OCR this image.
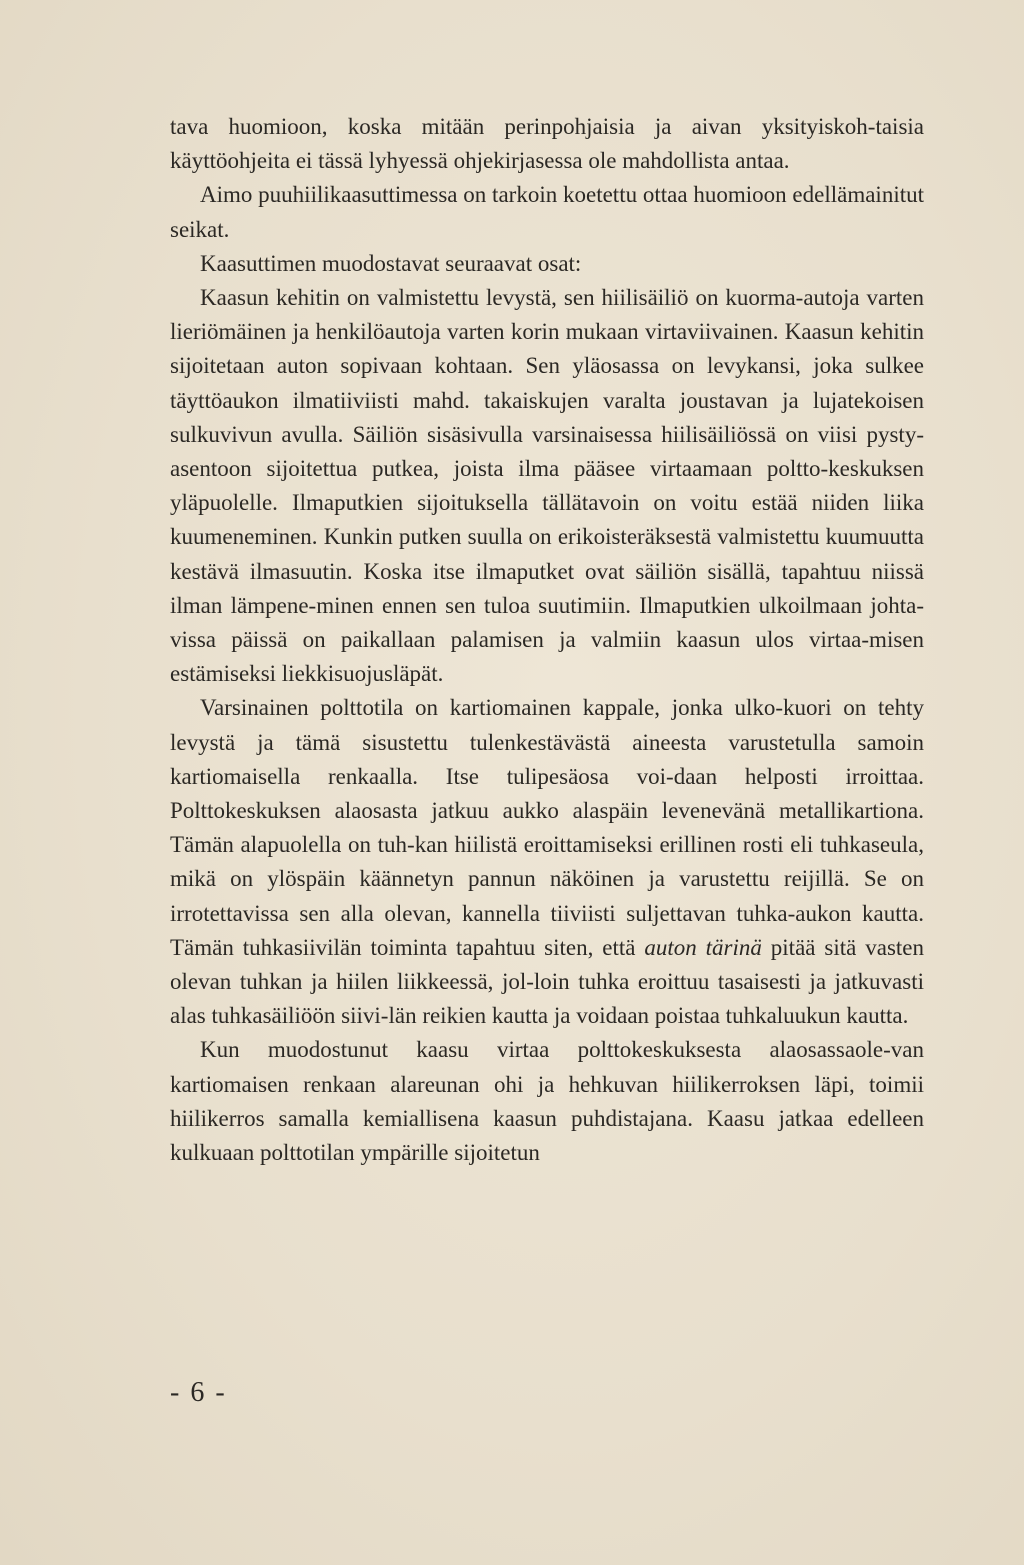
tava huomioon, koska mitään perinpohjaisia ja aivan yksityiskoh-taisia käyttöohjeita ei tässä lyhyessä ohjekirjasessa ole mahdollista antaa.

Aimo puuhiilikaasuttimessa on tarkoin koetettu ottaa huomioon edellämainitut seikat.

Kaasuttimen muodostavat seuraavat osat:

Kaasun kehitin on valmistettu levystä, sen hiilisäiliö on kuorma-autoja varten lieriömäinen ja henkilöautoja varten korin mukaan virtaviivainen. Kaasun kehitin sijoitetaan auton sopivaan kohtaan. Sen yläosassa on levykansi, joka sulkee täyttöaukon ilmatiiviisti mahd. takaiskujen varalta joustavan ja lujatekoisen sulkuvivun avulla. Säiliön sisäsivulla varsinaisessa hiilisäiliössä on viisi pysty-asentoon sijoitettua putkea, joista ilma pääsee virtaamaan poltto-keskuksen yläpuolelle. Ilmaputkien sijoituksella tällätavoin on voitu estää niiden liika kuumeneminen. Kunkin putken suulla on erikoisteräksestä valmistettu kuumuutta kestävä ilmasuutin. Koska itse ilmaputket ovat säiliön sisällä, tapahtuu niissä ilman lämpene-minen ennen sen tuloa suutimiin. Ilmaputkien ulkoilmaan johta-vissa päissä on paikallaan palamisen ja valmiin kaasun ulos virtaa-misen estämiseksi liekkisuojusläpät.

Varsinainen polttotila on kartiomainen kappale, jonka ulko-kuori on tehty levystä ja tämä sisustettu tulenkestävästä aineesta varustetulla samoin kartiomaisella renkaalla. Itse tulipesäosa voi-daan helposti irroittaa. Polttokeskuksen alaosasta jatkuu aukko alaspäin levenevänä metallikartiona. Tämän alapuolella on tuh-kan hiilistä eroittamiseksi erillinen rosti eli tuhkaseula, mikä on ylöspäin käännetyn pannun näköinen ja varustettu reijillä. Se on irrotettavissa sen alla olevan, kannella tiiviisti suljettavan tuhka-aukon kautta. Tämän tuhkasiivilän toiminta tapahtuu siten, että auton tärinä pitää sitä vasten olevan tuhkan ja hiilen liikkeessä, jol-loin tuhka eroittuu tasaisesti ja jatkuvasti alas tuhkasäiliöön siivi-län reikien kautta ja voidaan poistaa tuhkaluukun kautta.

Kun muodostunut kaasu virtaa polttokeskuksesta alaosassaole-van kartiomaisen renkaan alareunan ohi ja hehkuvan hiilikerroksen läpi, toimii hiilikerros samalla kemiallisena kaasun puhdistajana. Kaasu jatkaa edelleen kulkuaan polttotilan ympärille sijoitetun

- 6 -
